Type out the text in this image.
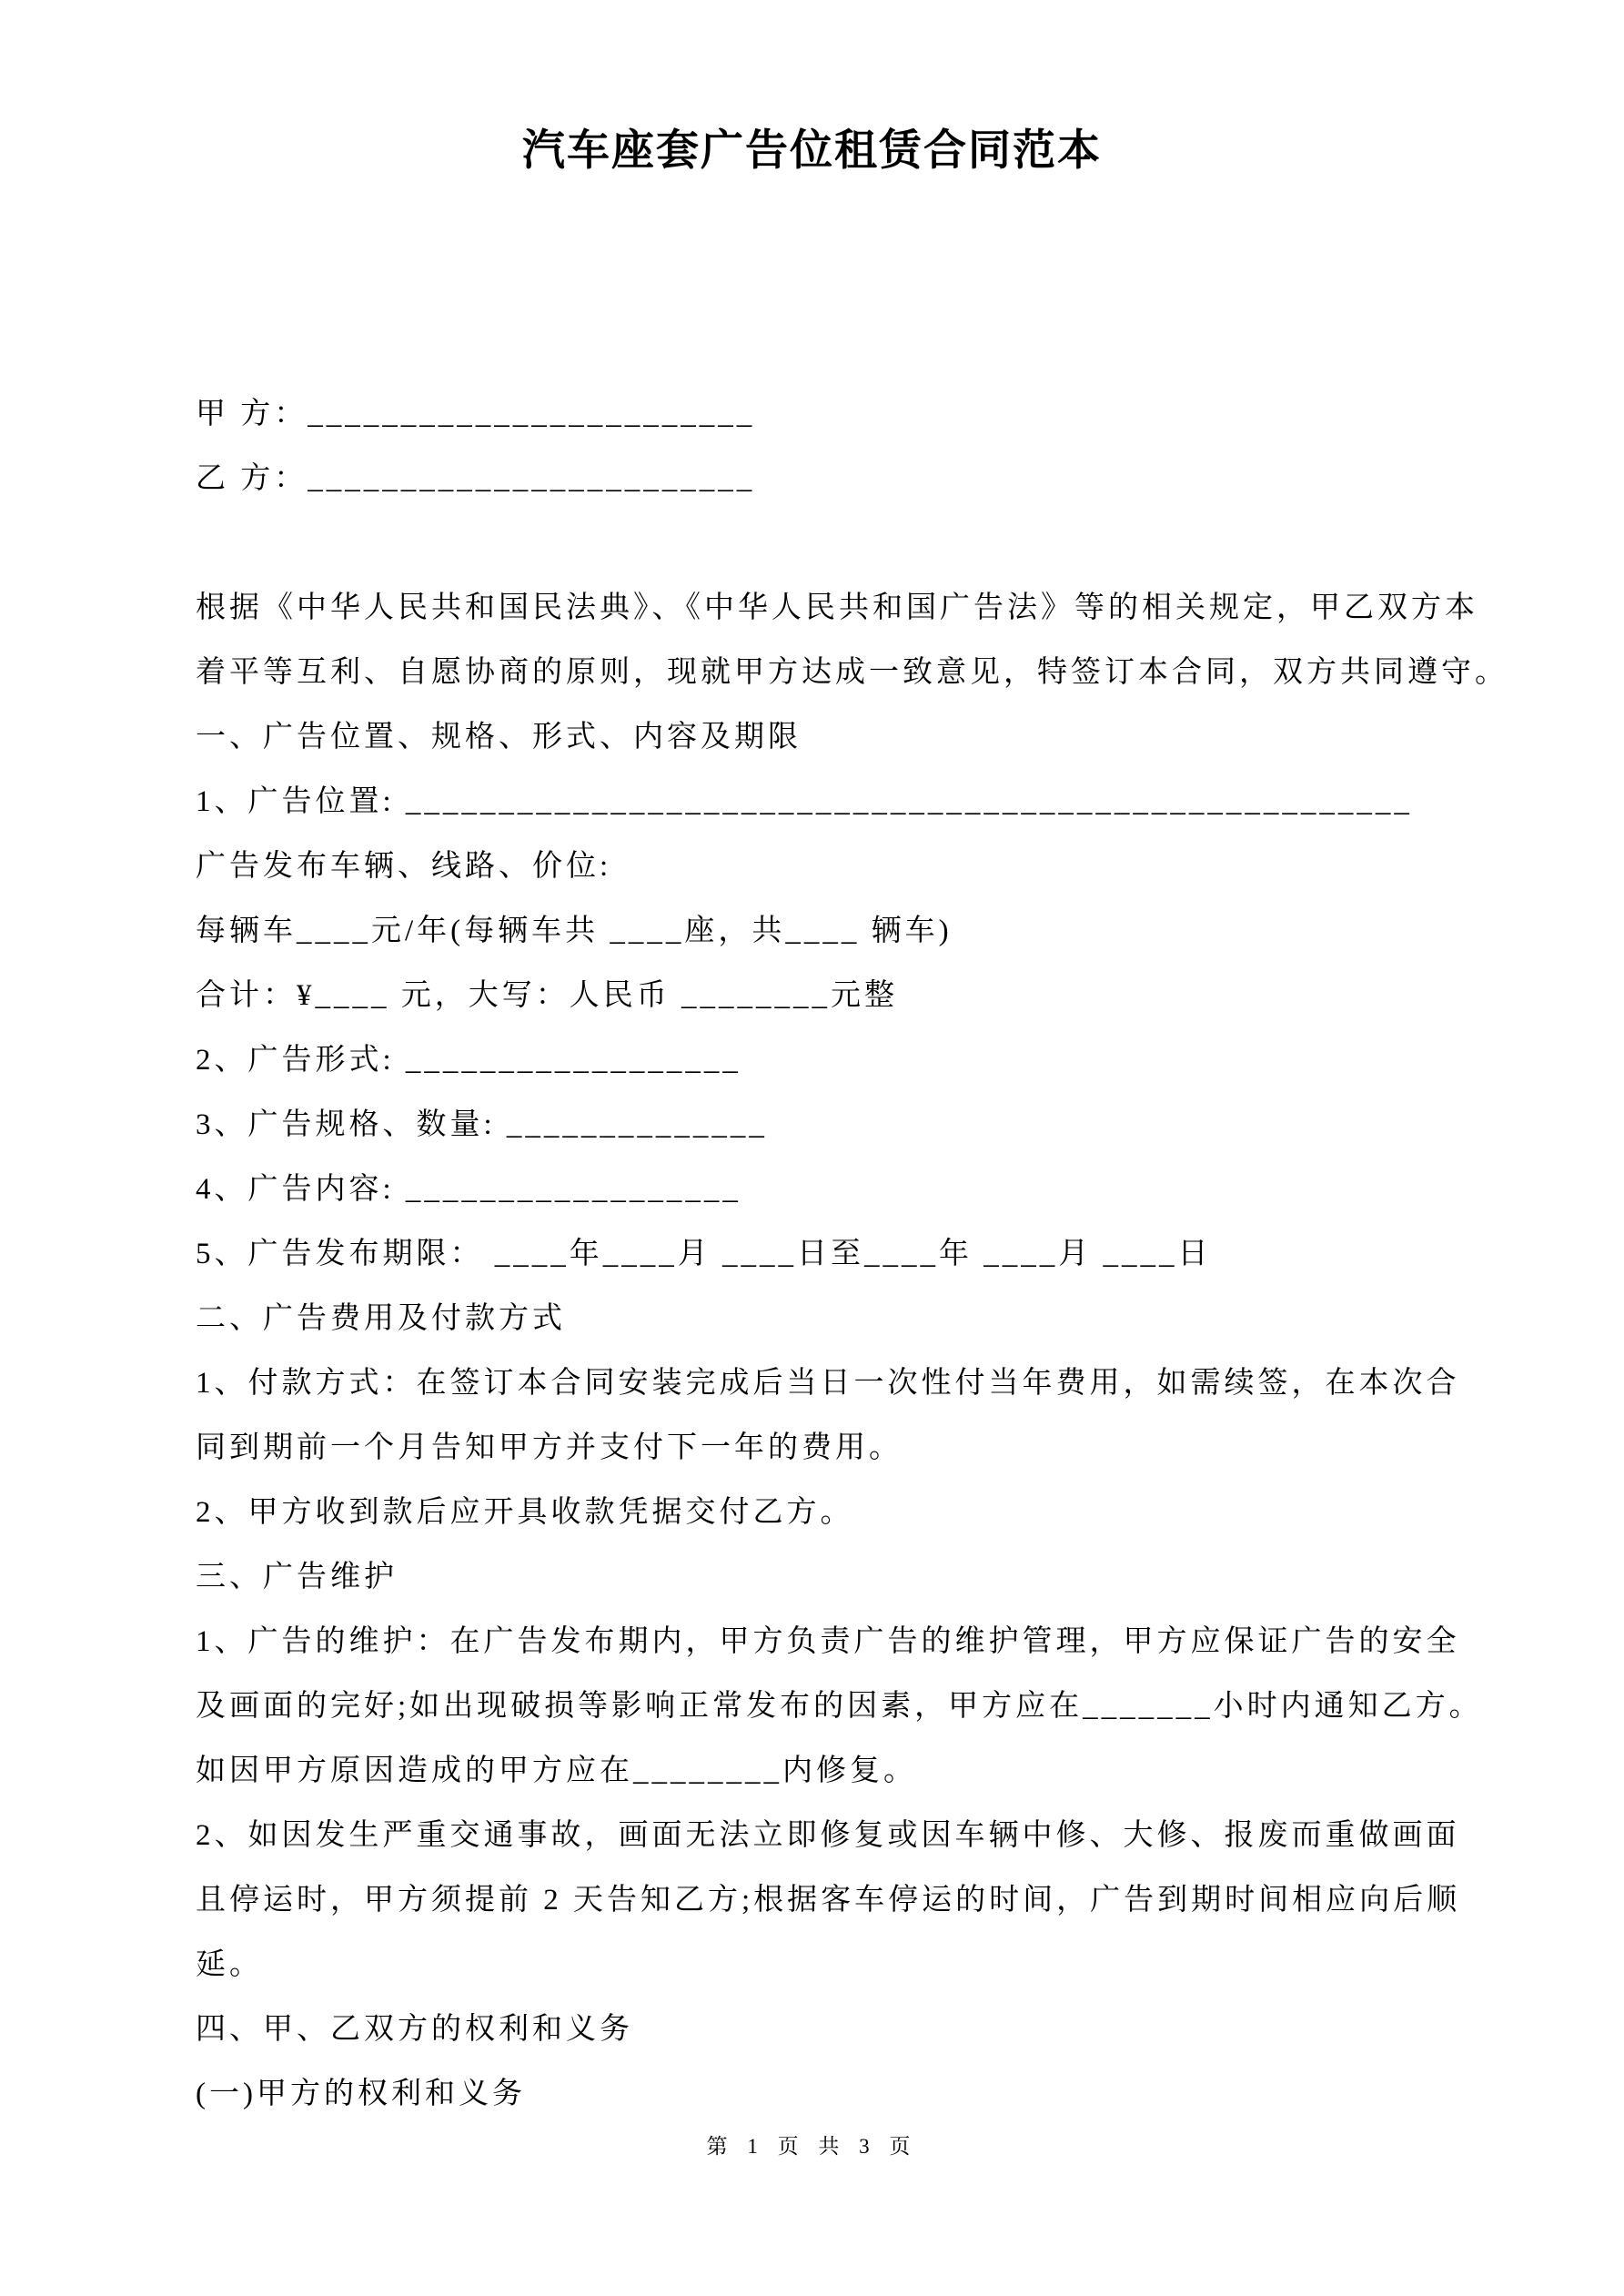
汽车座套广告位租赁合同范本
甲 方：________________________
乙 方：________________________
根据《中华人民共和国民法典》、《中华人民共和国广告法》等的相关规定，甲乙双方本
着平等互利、自愿协商的原则，现就甲方达成一致意见，特签订本合同，双方共同遵守。
一、广告位置、规格、形式、内容及期限
1、广告位置: ______________________________________________________
广告发布车辆、线路、价位:
每辆车____元/年(每辆车共 ____座，共____ 辆车)
合计：¥____ 元，大写：人民币 ________元整
2、广告形式: __________________
3、广告规格、数量: ______________
4、广告内容: __________________
5、广告发布期限： ____年____月 ____日至____年 ____月 ____日
二、广告费用及付款方式
1、付款方式：在签订本合同安装完成后当日一次性付当年费用，如需续签，在本次合
同到期前一个月告知甲方并支付下一年的费用。
2、甲方收到款后应开具收款凭据交付乙方。
三、广告维护
1、广告的维护：在广告发布期内，甲方负责广告的维护管理，甲方应保证广告的安全
及画面的完好;如出现破损等影响正常发布的因素，甲方应在_______小时内通知乙方。
如因甲方原因造成的甲方应在________内修复。
2、如因发生严重交通事故，画面无法立即修复或因车辆中修、大修、报废而重做画面
且停运时，甲方须提前 2 天告知乙方;根据客车停运的时间，广告到期时间相应向后顺
延。
四、甲、乙双方的权利和义务
(一)甲方的权利和义务
第 1 页 共 3 页
